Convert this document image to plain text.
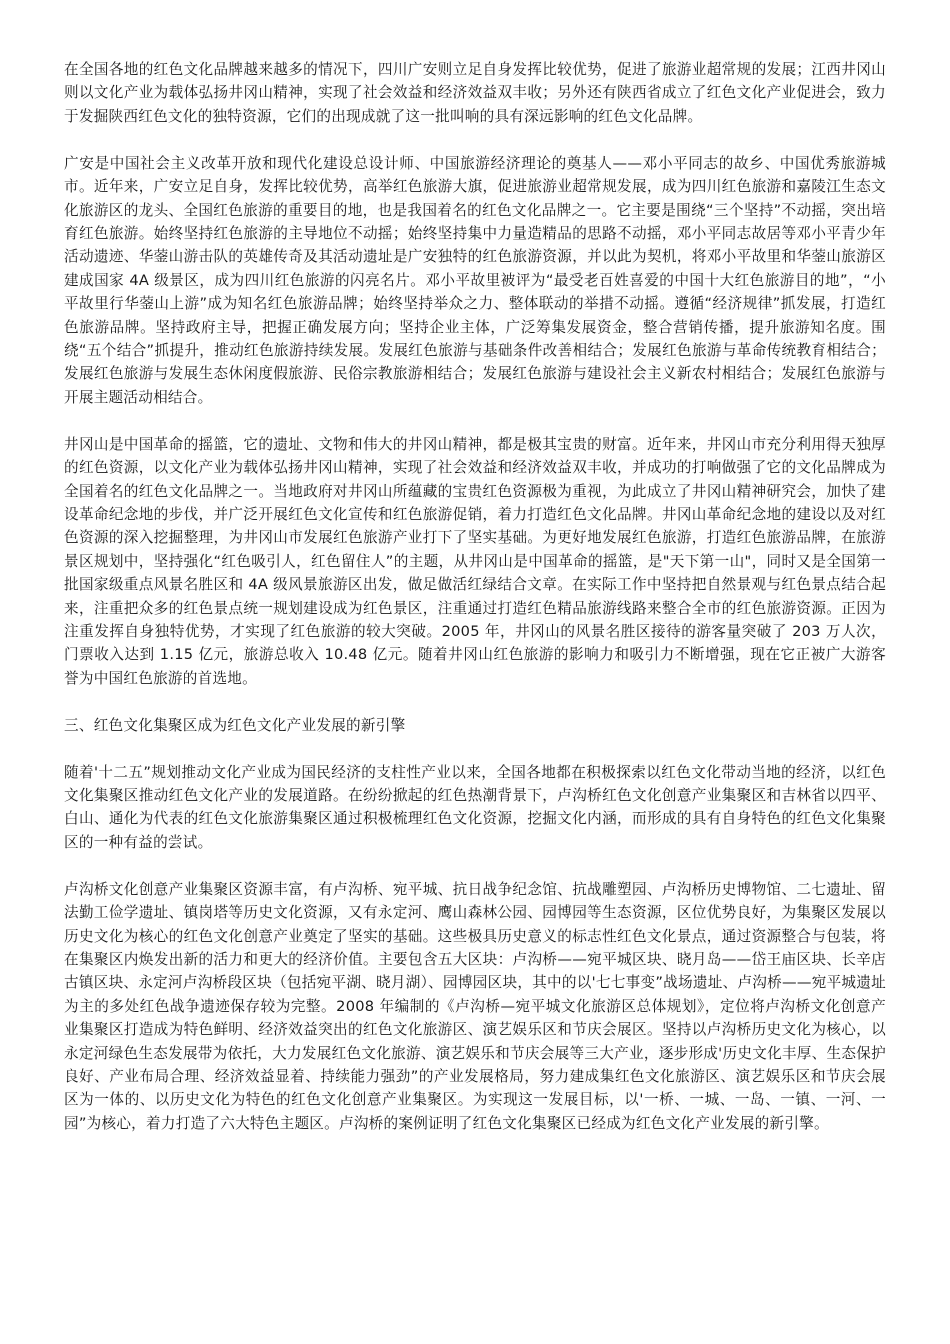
在全国各地的红色文化品牌越来越多的情况下，四川广安则立足自身发挥比较优势，促进了旅游业超常规的发展；江西井冈山则以文化产业为载体弘扬井冈山精神，实现了社会效益和经济效益双丰收；另外还有陕西省成立了红色文化产业促进会，致力于发掘陕西红色文化的独特资源，它们的出现成就了这一批叫响的具有深远影响的红色文化品牌。

广安是中国社会主义改革开放和现代化建设总设计师、中国旅游经济理论的奠基人——邓小平同志的故乡、中国优秀旅游城市。近年来，广安立足自身，发挥比较优势，高举红色旅游大旗，促进旅游业超常规发展，成为四川红色旅游和嘉陵江生态文化旅游区的龙头、全国红色旅游的重要目的地，也是我国着名的红色文化品牌之一。它主要是围绕“三个坚持”不动摇，突出培育红色旅游。始终坚持红色旅游的主导地位不动摇；始终坚持集中力量造精品的思路不动摇，邓小平同志故居等邓小平青少年活动遗迹、华蓥山游击队的英雄传奇及其活动遗址是广安独特的红色旅游资源，并以此为契机，将邓小平故里和华蓥山旅游区建成国家 4A 级景区，成为四川红色旅游的闪亮名片。邓小平故里被评为“最受老百姓喜爱的中国十大红色旅游目的地”，“小平故里行华蓥山上游”成为知名红色旅游品牌；始终坚持举众之力、整体联动的举措不动摇。遵循“经济规律”抓发展，打造红色旅游品牌。坚持政府主导，把握正确发展方向；坚持企业主体，广泛筹集发展资金，整合营销传播，提升旅游知名度。围绕“五个结合”抓提升，推动红色旅游持续发展。发展红色旅游与基础条件改善相结合；发展红色旅游与革命传统教育相结合；发展红色旅游与发展生态休闲度假旅游、民俗宗教旅游相结合；发展红色旅游与建设社会主义新农村相结合；发展红色旅游与开展主题活动相结合。

井冈山是中国革命的摇篮，它的遗址、文物和伟大的井冈山精神，都是极其宝贵的财富。近年来，井冈山市充分利用得天独厚的红色资源，以文化产业为载体弘扬井冈山精神，实现了社会效益和经济效益双丰收，并成功的打响做强了它的文化品牌成为全国着名的红色文化品牌之一。当地政府对井冈山所蕴藏的宝贵红色资源极为重视，为此成立了井冈山精神研究会，加快了建设革命纪念地的步伐，并广泛开展红色文化宣传和红色旅游促销，着力打造红色文化品牌。井冈山革命纪念地的建设以及对红色资源的深入挖掘整理，为井冈山市发展红色旅游产业打下了坚实基础。为更好地发展红色旅游，打造红色旅游品牌，在旅游景区规划中，坚持强化“红色吸引人，红色留住人”的主题，从井冈山是中国革命的摇篮，是"天下第一山"，同时又是全国第一批国家级重点风景名胜区和 4A 级风景旅游区出发，做足做活红绿结合文章。在实际工作中坚持把自然景观与红色景点结合起来，注重把众多的红色景点统一规划建设成为红色景区，注重通过打造红色精品旅游线路来整合全市的红色旅游资源。正因为注重发挥自身独特优势，才实现了红色旅游的较大突破。2005 年，井冈山的风景名胜区接待的游客量突破了 203 万人次，门票收入达到 1.15 亿元，旅游总收入 10.48 亿元。随着井冈山红色旅游的影响力和吸引力不断增强，现在它正被广大游客誉为中国红色旅游的首选地。

三、红色文化集聚区成为红色文化产业发展的新引擎

随着'十二五”规划推动文化产业成为国民经济的支柱性产业以来，全国各地都在积极探索以红色文化带动当地的经济，以红色文化集聚区推动红色文化产业的发展道路。在纷纷掀起的红色热潮背景下，卢沟桥红色文化创意产业集聚区和吉林省以四平、白山、通化为代表的红色文化旅游集聚区通过积极梳理红色文化资源，挖掘文化内涵，而形成的具有自身特色的红色文化集聚区的一种有益的尝试。

卢沟桥文化创意产业集聚区资源丰富，有卢沟桥、宛平城、抗日战争纪念馆、抗战雕塑园、卢沟桥历史博物馆、二七遗址、留法勤工俭学遗址、镇岗塔等历史文化资源，又有永定河、鹰山森林公园、园博园等生态资源，区位优势良好，为集聚区发展以历史文化为核心的红色文化创意产业奠定了坚实的基础。这些极具历史意义的标志性红色文化景点，通过资源整合与包装，将在集聚区内焕发出新的活力和更大的经济价值。主要包含五大区块：卢沟桥——宛平城区块、晓月岛——岱王庙区块、长辛店古镇区块、永定河卢沟桥段区块（包括宛平湖、晓月湖）、园博园区块，其中的以'七七事变”战场遗址、卢沟桥——宛平城遗址为主的多处红色战争遗迹保存较为完整。2008 年编制的《卢沟桥—宛平城文化旅游区总体规划》，定位将卢沟桥文化创意产业集聚区打造成为特色鲜明、经济效益突出的红色文化旅游区、演艺娱乐区和节庆会展区。坚持以卢沟桥历史文化为核心，以永定河绿色生态发展带为依托，大力发展红色文化旅游、演艺娱乐和节庆会展等三大产业，逐步形成'历史文化丰厚、生态保护良好、产业布局合理、经济效益显着、持续能力强劲”的产业发展格局，努力建成集红色文化旅游区、演艺娱乐区和节庆会展区为一体的、以历史文化为特色的红色文化创意产业集聚区。为实现这一发展目标，以'一桥、一城、一岛、一镇、一河、一园”为核心，着力打造了六大特色主题区。卢沟桥的案例证明了红色文化集聚区已经成为红色文化产业发展的新引擎。
